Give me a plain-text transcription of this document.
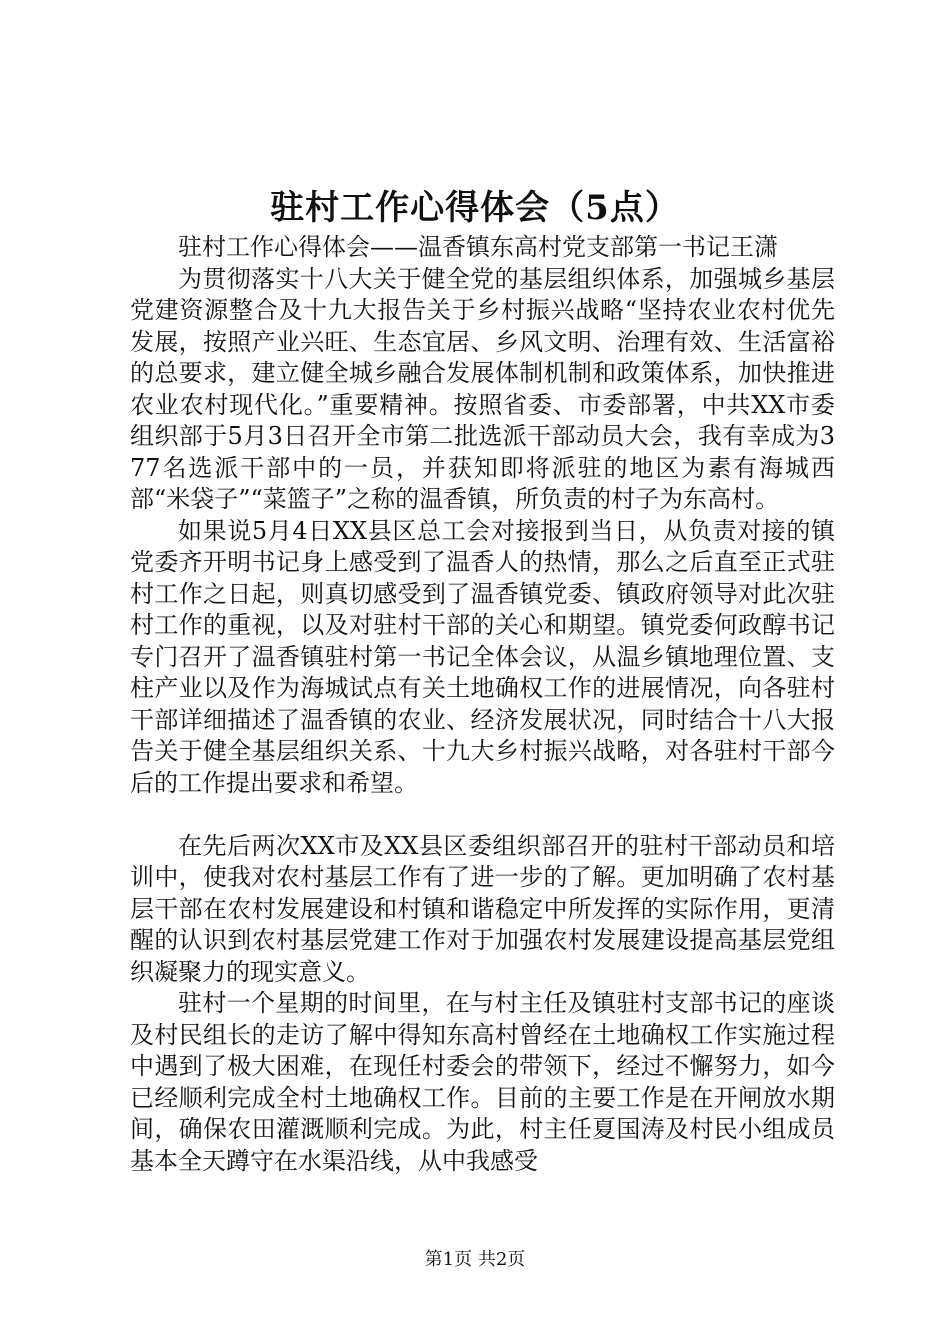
驻村工作心得体会（5点）

驻村工作心得体会——温香镇东高村党支部第一书记王潇

为贯彻落实十八大关于健全党的基层组织体系，加强城乡基层党建资源整合及十九大报告关于乡村振兴战略“坚持农业农村优先发展，按照产业兴旺、生态宜居、乡风文明、治理有效、生活富裕的总要求，建立健全城乡融合发展体制机制和政策体系，加快推进农业农村现代化。”重要精神。按照省委、市委部署，中共XX市委组织部于5月3日召开全市第二批选派干部动员大会，我有幸成为377名选派干部中的一员，并获知即将派驻的地区为素有海城西部“米袋子”“菜篮子”之称的温香镇，所负责的村子为东高村。

如果说5月4日XX县区总工会对接报到当日，从负责对接的镇党委齐开明书记身上感受到了温香人的热情，那么之后直至正式驻村工作之日起，则真切感受到了温香镇党委、镇政府领导对此次驻村工作的重视，以及对驻村干部的关心和期望。镇党委何政醇书记专门召开了温香镇驻村第一书记全体会议，从温乡镇地理位置、支柱产业以及作为海城试点有关土地确权工作的进展情况，向各驻村干部详细描述了温香镇的农业、经济发展状况，同时结合十八大报告关于健全基层组织关系、十九大乡村振兴战略，对各驻村干部今后的工作提出要求和希望。

在先后两次XX市及XX县区委组织部召开的驻村干部动员和培训中，使我对农村基层工作有了进一步的了解。更加明确了农村基层干部在农村发展建设和村镇和谐稳定中所发挥的实际作用，更清醒的认识到农村基层党建工作对于加强农村发展建设提高基层党组织凝聚力的现实意义。

驻村一个星期的时间里，在与村主任及镇驻村支部书记的座谈及村民组长的走访了解中得知东高村曾经在土地确权工作实施过程中遇到了极大困难，在现任村委会的带领下，经过不懈努力，如今已经顺利完成全村土地确权工作。目前的主要工作是在开闸放水期间，确保农田灌溉顺利完成。为此，村主任夏国涛及村民小组成员基本全天蹲守在水渠沿线，从中我感受

第1页 共2页
